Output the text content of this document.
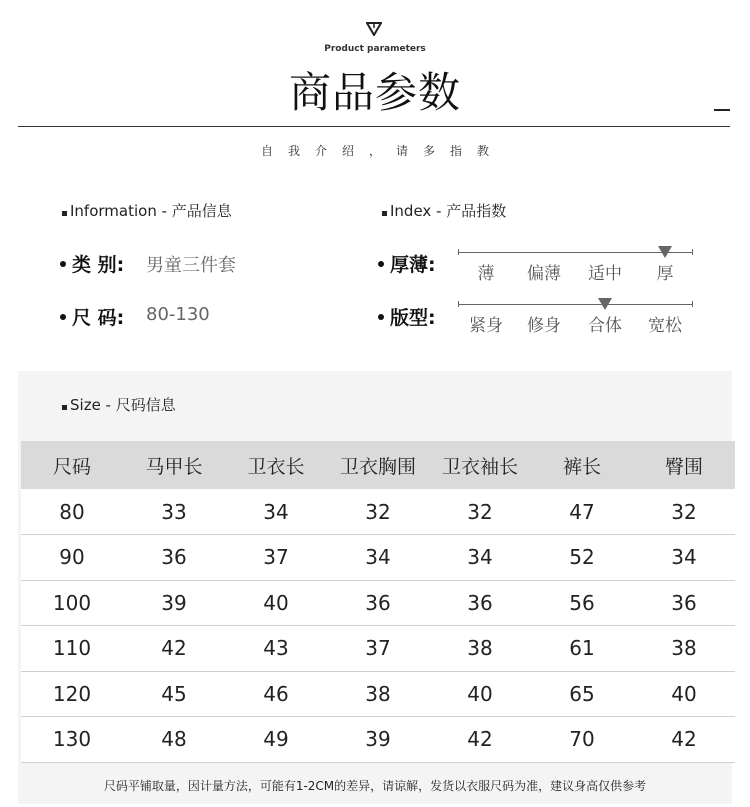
Product parameters
商品参数
自我介绍，请多指教
Information - 产品信息
类 别: 男童三件套
尺 码: 80-130
Index - 产品指数
厚薄: 薄 偏薄 适中 厚
版型: 紧身 修身 合体 宽松
Size - 尺码信息
尺码	马甲长	卫衣长	卫衣胸围	卫衣袖长	裤长	臀围
80	33	34	32	32	47	32
90	36	37	34	34	52	34
100	39	40	36	36	56	36
110	42	43	37	38	61	38
120	45	46	38	40	65	40
130	48	49	39	42	70	42
尺码平铺取量，因计量方法，可能有1-2CM的差异，请谅解，发货以衣服尺码为准，建议身高仅供参考
